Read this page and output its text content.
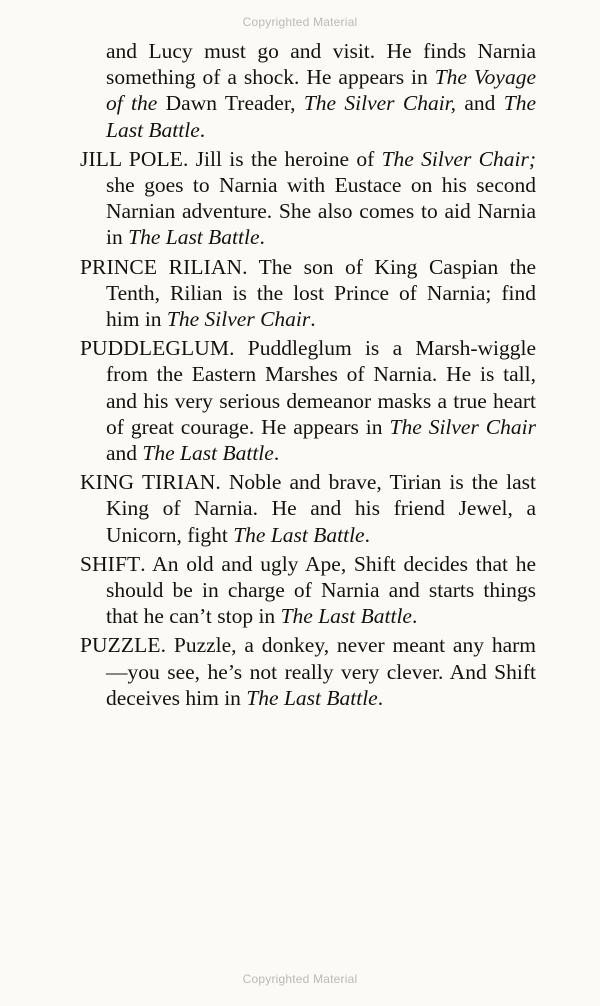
Copyrighted Material

and Lucy must go and visit. He finds Narnia something of a shock. He appears in The Voyage of the Dawn Treader, The Silver Chair, and The Last Battle.

JILL POLE. Jill is the heroine of The Silver Chair; she goes to Narnia with Eustace on his second Narnian adventure. She also comes to aid Narnia in The Last Battle.

PRINCE RILIAN. The son of King Caspian the Tenth, Rilian is the lost Prince of Narnia; find him in The Silver Chair.

PUDDLEGLUM. Puddleglum is a Marsh-wiggle from the Eastern Marshes of Narnia. He is tall, and his very serious demeanor masks a true heart of great courage. He appears in The Silver Chair and The Last Battle.

KING TIRIAN. Noble and brave, Tirian is the last King of Narnia. He and his friend Jewel, a Unicorn, fight The Last Battle.

SHIFT. An old and ugly Ape, Shift decides that he should be in charge of Narnia and starts things that he can’t stop in The Last Battle.

PUZZLE. Puzzle, a donkey, never meant any harm—you see, he’s not really very clever. And Shift deceives him in The Last Battle.

Copyrighted Material
